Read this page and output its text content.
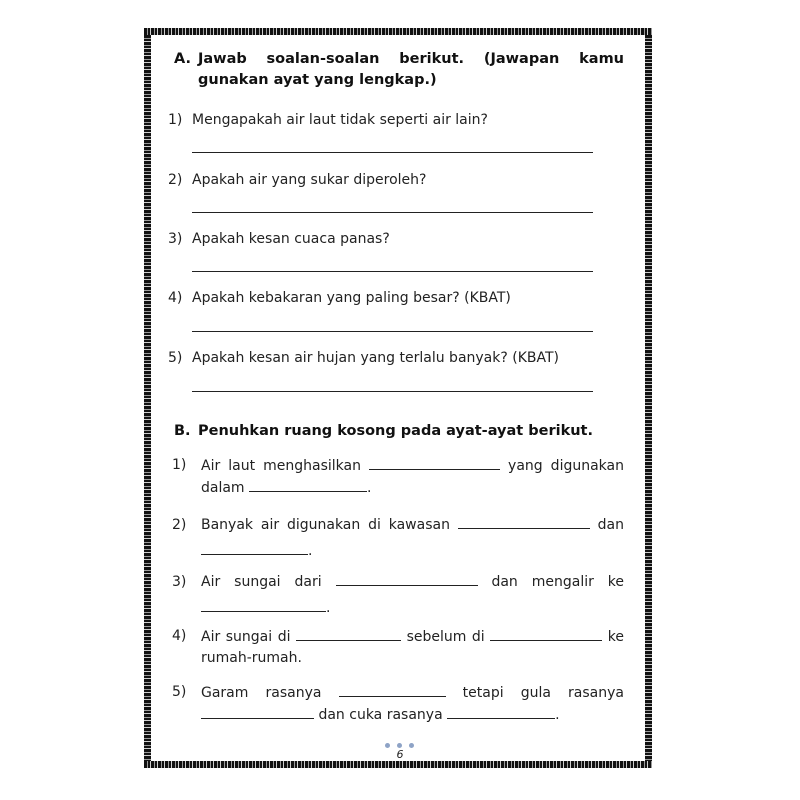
A. Jawab soalan-soalan berikut. (Jawapan kamu gunakan ayat yang lengkap.)
1) Mengapakah air laut tidak seperti air lain?
2) Apakah air yang sukar diperoleh?
3) Apakah kesan cuaca panas?
4) Apakah kebakaran yang paling besar? (KBAT)
5) Apakah kesan air hujan yang terlalu banyak? (KBAT)
B. Penuhkan ruang kosong pada ayat-ayat berikut.
1) Air laut menghasilkan	yang digunakan dalam	.
2) Banyak air digunakan di kawasan	dan .
3) Air sungai dari	dan mengalir ke .
4) Air sungai di	sebelum di	ke rumah-rumah.
5) Garam rasanya	tetapi gula rasanya  dan cuka rasanya	.
6
